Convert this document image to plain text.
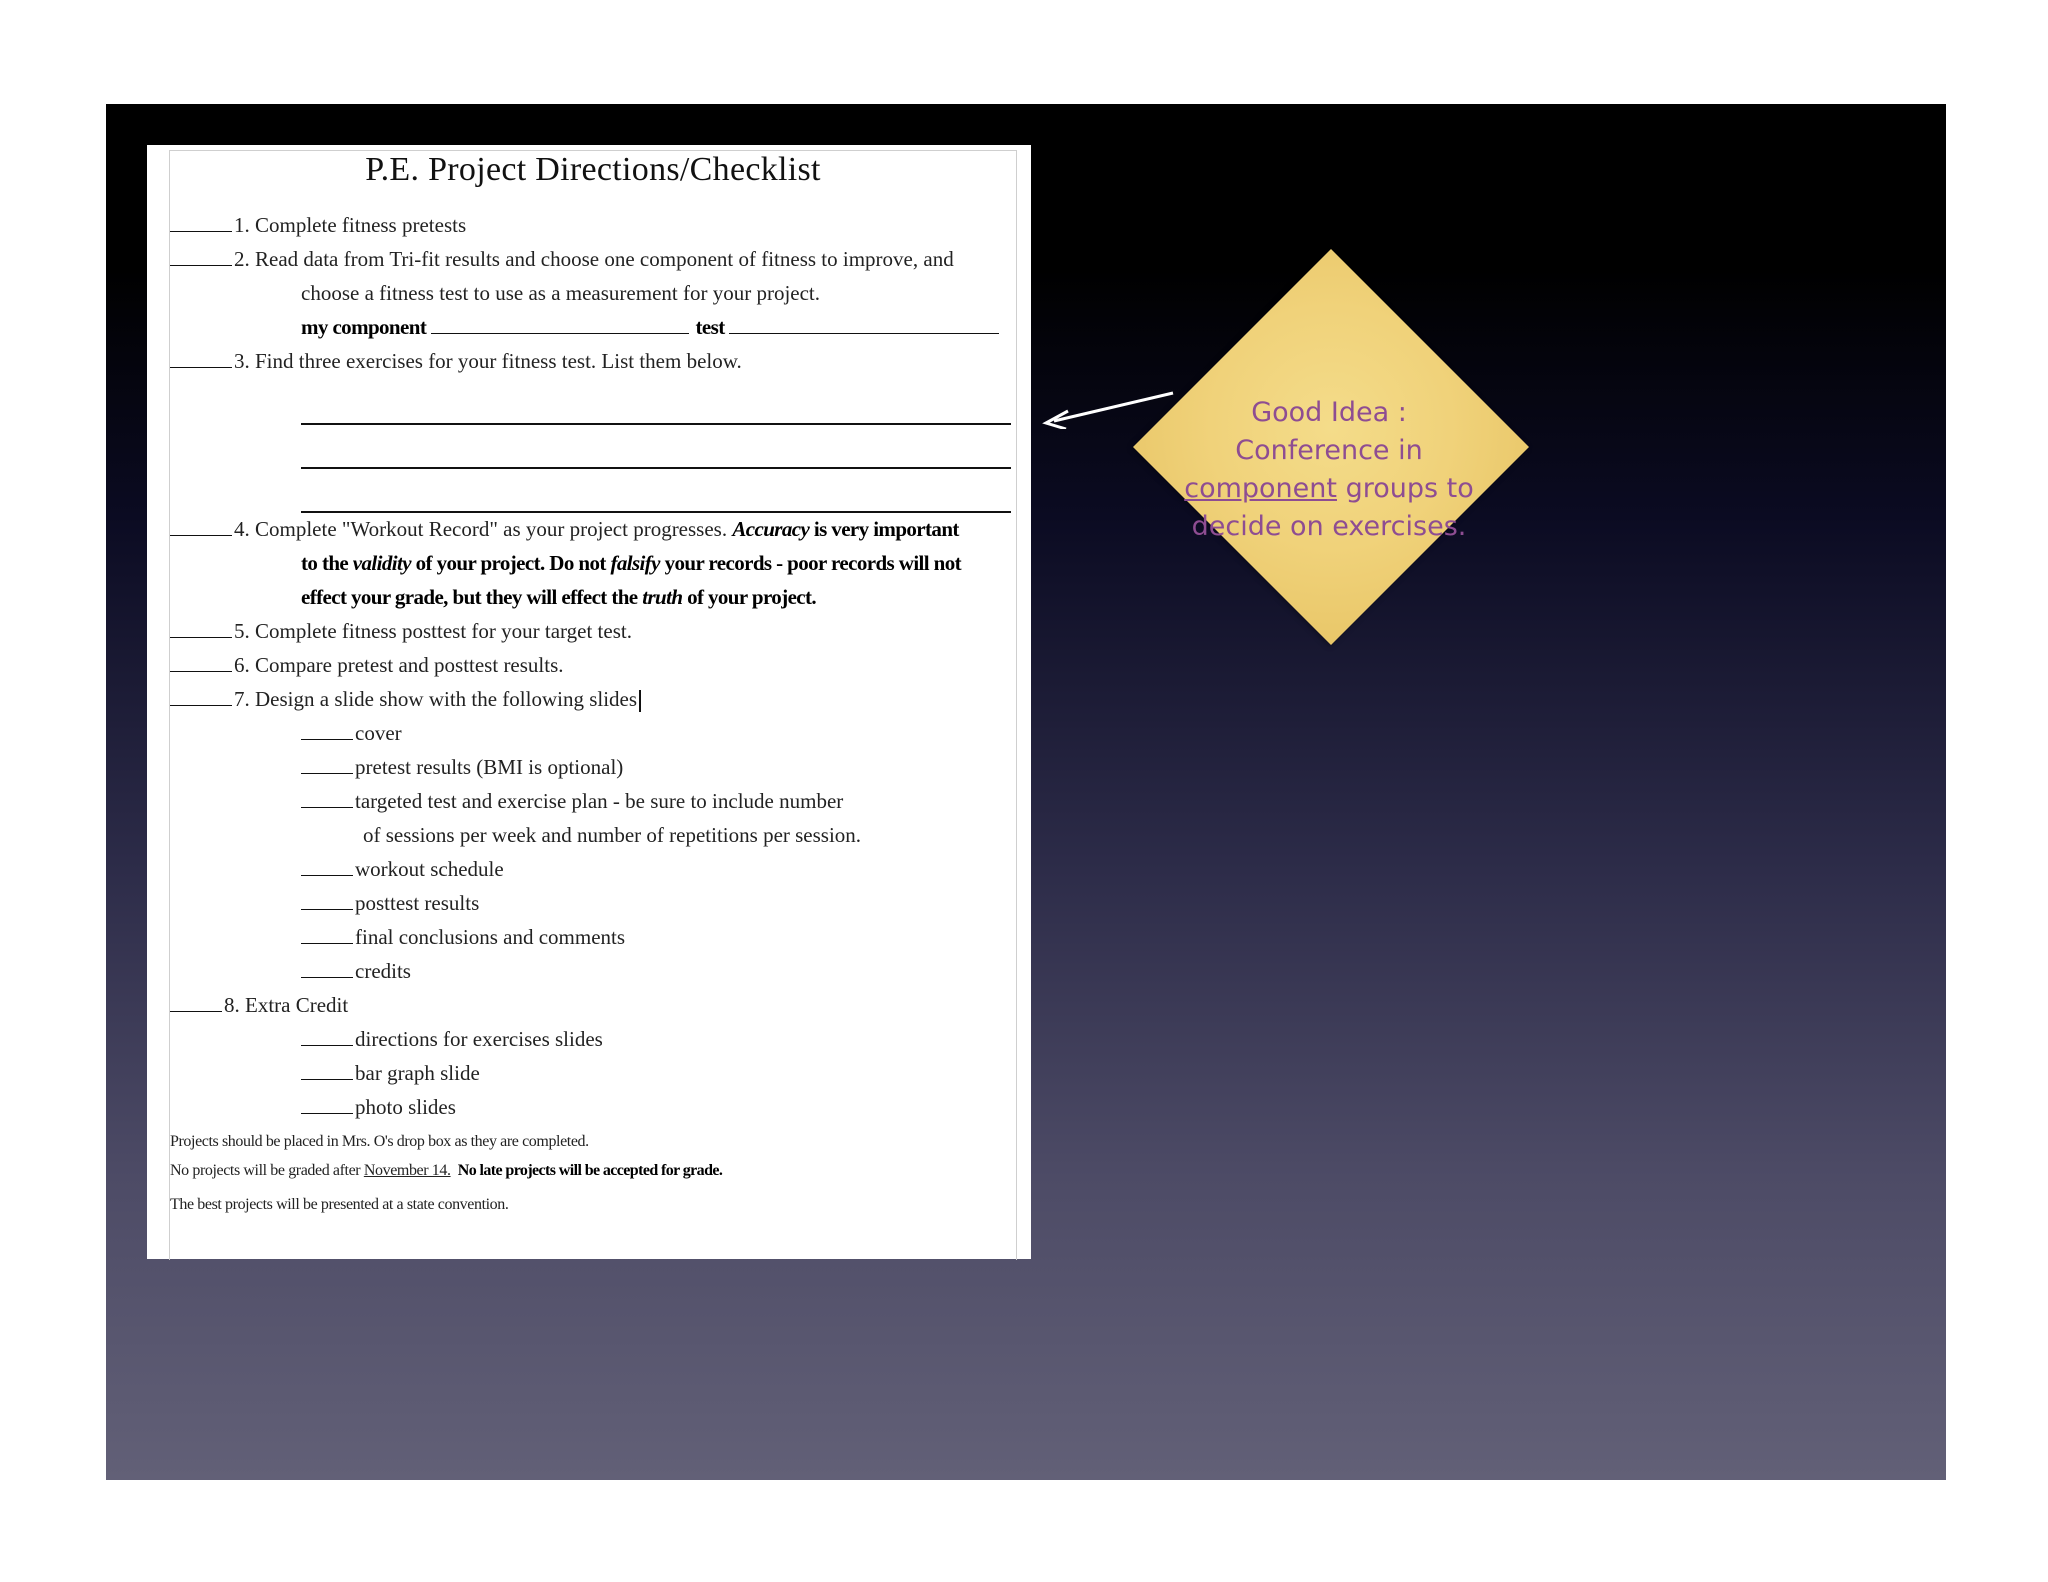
P.E. Project Directions/Checklist
1. Complete fitness pretests
2. Read data from Tri-fit results and choose one component of fitness to improve, and
choose a fitness test to use as a measurement for your project.
my component	test
3. Find three exercises for your fitness test. List them below.
4. Complete "Workout Record" as your project progresses. Accuracy is very important
to the validity of your project. Do not falsify your records - poor records will not
effect your grade, but they will effect the truth of your project.
5. Complete fitness posttest for your target test.
6. Compare pretest and posttest results.
7. Design a slide show with the following slides
cover
pretest results (BMI is optional)
targeted test and exercise plan - be sure to include number
of sessions per week and number of repetitions per session.
workout schedule
posttest results
final conclusions and comments
credits
8. Extra Credit
directions for exercises slides
bar graph slide
photo slides
Projects should be placed in Mrs. O's drop box as they are completed.
No projects will be graded after November 14. No late projects will be accepted for grade.
The best projects will be presented at a state convention.
Good Idea :
Conference in
component groups to
decide on exercises.
